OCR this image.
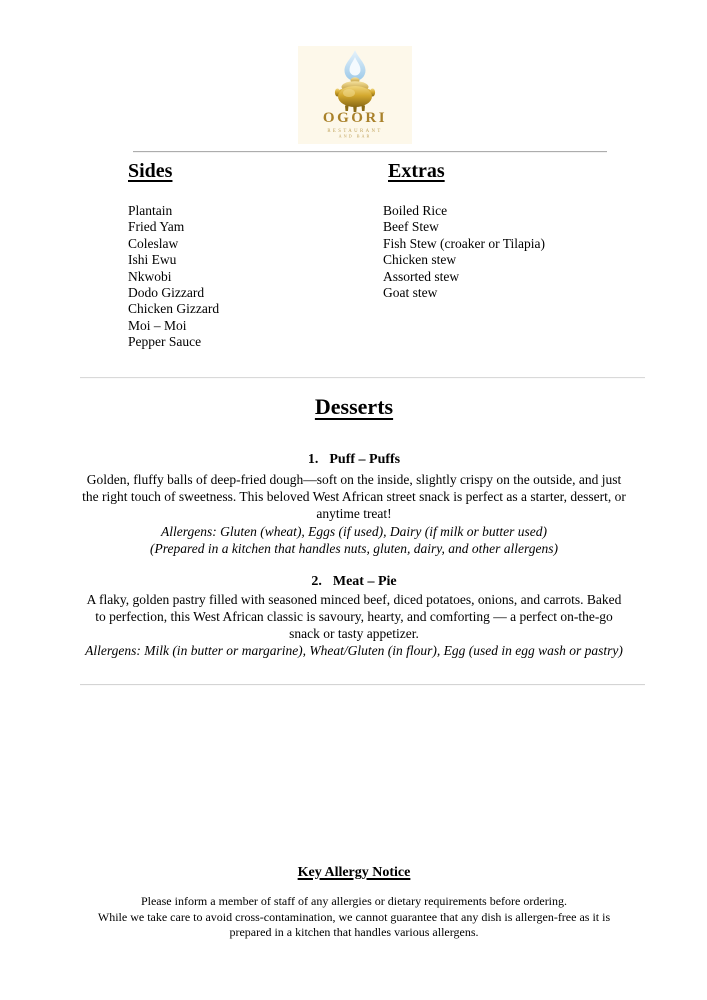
OGORI
RESTAURANT
AND BAR
Sides
Plantain
Fried Yam
Coleslaw
Ishi Ewu
Nkwobi
Dodo Gizzard
Chicken Gizzard
Moi – Moi
Pepper Sauce
Extras
Boiled Rice
Beef Stew
Fish Stew (croaker or Tilapia)
Chicken stew
Assorted stew
Goat stew
Desserts
1. Puff – Puffs
Golden, fluffy balls of deep-fried dough—soft on the inside, slightly crispy on the outside, and just the right touch of sweetness. This beloved West African street snack is perfect as a starter, dessert, or anytime treat!
Allergens: Gluten (wheat), Eggs (if used), Dairy (if milk or butter used)
(Prepared in a kitchen that handles nuts, gluten, dairy, and other allergens)
2. Meat – Pie
A flaky, golden pastry filled with seasoned minced beef, diced potatoes, onions, and carrots. Baked to perfection, this West African classic is savoury, hearty, and comforting — a perfect on-the-go snack or tasty appetizer.
Allergens: Milk (in butter or margarine), Wheat/Gluten (in flour), Egg (used in egg wash or pastry)
Key Allergy Notice
Please inform a member of staff of any allergies or dietary requirements before ordering.
While we take care to avoid cross-contamination, we cannot guarantee that any dish is allergen-free as it is
prepared in a kitchen that handles various allergens.
